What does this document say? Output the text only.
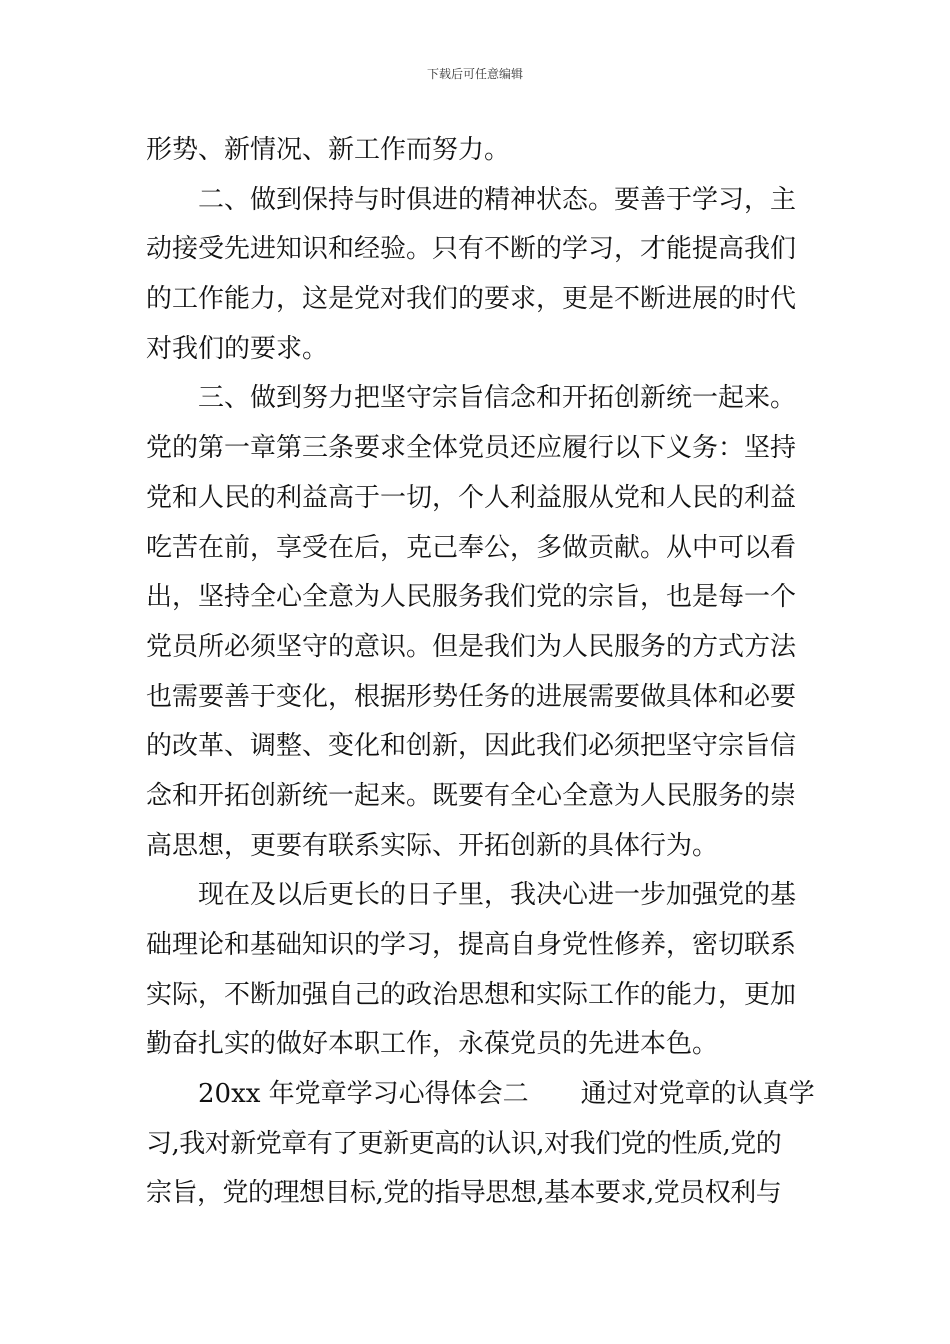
下载后可任意编辑
形势、新情况、新工作而努力。
二、做到保持与时俱进的精神状态。要善于学习，主
动接受先进知识和经验。只有不断的学习，才能提高我们
的工作能力，这是党对我们的要求，更是不断进展的时代
对我们的要求。
三、做到努力把坚守宗旨信念和开拓创新统一起来。
党的第一章第三条要求全体党员还应履行以下义务：坚持
党和人民的利益高于一切，个人利益服从党和人民的利益
吃苦在前，享受在后，克己奉公，多做贡献。从中可以看
出，坚持全心全意为人民服务我们党的宗旨，也是每一个
党员所必须坚守的意识。但是我们为人民服务的方式方法
也需要善于变化，根据形势任务的进展需要做具体和必要
的改革、调整、变化和创新，因此我们必须把坚守宗旨信
念和开拓创新统一起来。既要有全心全意为人民服务的崇
高思想，更要有联系实际、开拓创新的具体行为。
现在及以后更长的日子里，我决心进一步加强党的基
础理论和基础知识的学习，提高自身党性修养，密切联系
实际，不断加强自己的政治思想和实际工作的能力，更加
勤奋扎实的做好本职工作，永葆党员的先进本色。
20xx 年党章学习心得体会二　　通过对党章的认真学
习,我对新党章有了更新更高的认识,对我们党的性质,党的
宗旨，党的理想目标,党的指导思想,基本要求,党员权利与
